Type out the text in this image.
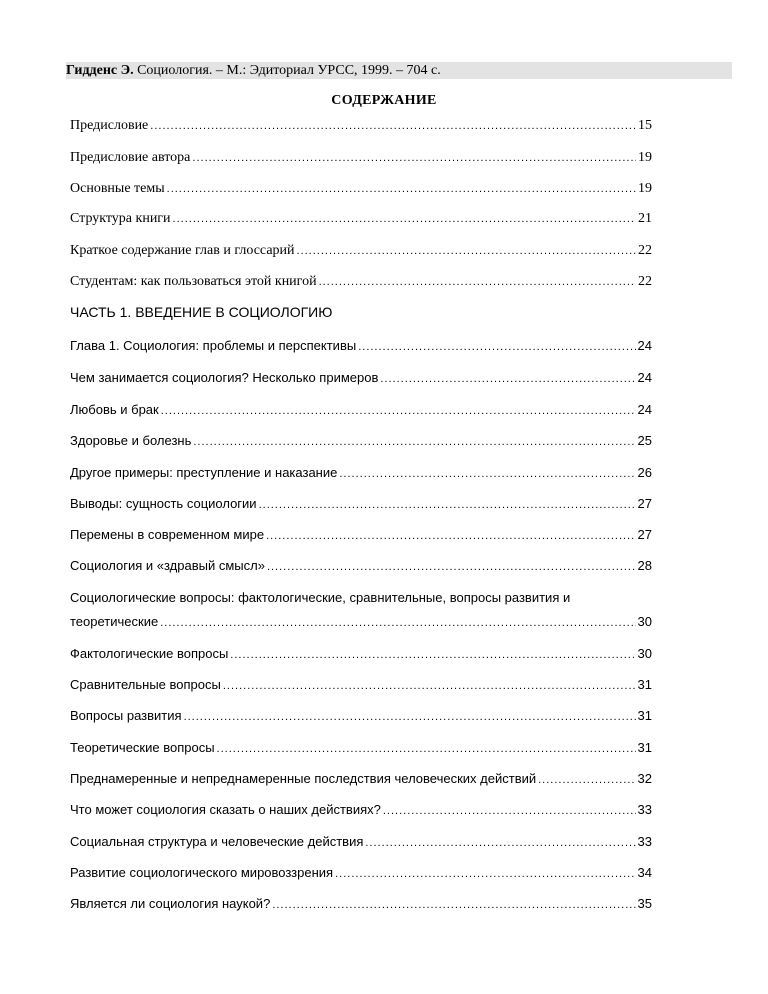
Гидденс Э. Социология. – М.: Эдиториал УРСС, 1999. – 704 с.
СОДЕРЖАНИЕ
Предисловие .....	15
Предисловие автора .....	19
Основные темы .....	19
Структура книги .....	21
Краткое содержание глав и глоссарий .....	22
Студентам: как пользоваться этой книгой .....	22
ЧАСТЬ 1. ВВЕДЕНИЕ В СОЦИОЛОГИЮ
Глава 1. Социология: проблемы и перспективы .....	24
Чем занимается социология? Несколько примеров .....	24
Любовь и брак .....	24
Здоровье и болезнь .....	25
Другое примеры: преступление и наказание .....	26
Выводы: сущность социологии .....	27
Перемены в современном мире .....	27
Социология и «здравый смысл» .....	28
Социологические вопросы: фактологические, сравнительные, вопросы развития и
теоретические .....	30
Фактологические вопросы .....	30
Сравнительные вопросы .....	31
Вопросы развития .....	31
Теоретические вопросы .....	31
Преднамеренные и непреднамеренные последствия человеческих действий .....	32
Что может социология сказать о наших действиях? .....	33
Социальная структура и человеческие действия .....	33
Развитие социологического мировоззрения .....	34
Является ли социология наукой? .....	35
